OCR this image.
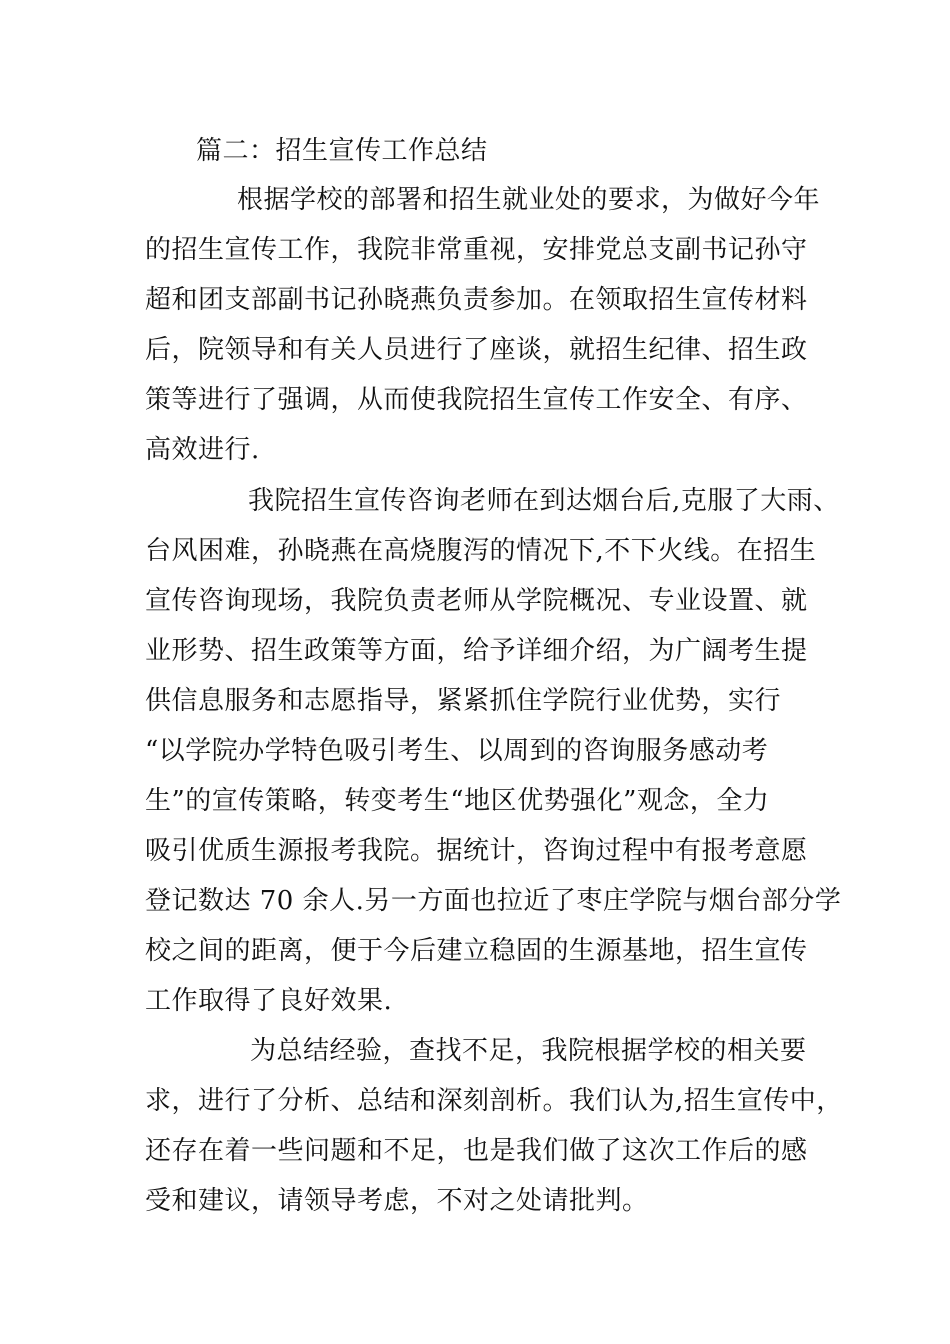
篇二：招生宣传工作总结
根据学校的部署和招生就业处的要求，为做好今年
的招生宣传工作，我院非常重视，安排党总支副书记孙守
超和团支部副书记孙晓燕负责参加。在领取招生宣传材料
后，院领导和有关人员进行了座谈，就招生纪律、招生政
策等进行了强调，从而使我院招生宣传工作安全、有序、
高效进行.
我院招生宣传咨询老师在到达烟台后,克服了大雨、
台风困难，孙晓燕在高烧腹泻的情况下,不下火线。在招生
宣传咨询现场，我院负责老师从学院概况、专业设置、就
业形势、招生政策等方面，给予详细介绍，为广阔考生提
供信息服务和志愿指导，紧紧抓住学院行业优势，实行
“以学院办学特色吸引考生、以周到的咨询服务感动考
生”的宣传策略，转变考生“地区优势强化”观念，全力
吸引优质生源报考我院。据统计，咨询过程中有报考意愿
登记数达 70 余人.另一方面也拉近了枣庄学院与烟台部分学
校之间的距离，便于今后建立稳固的生源基地，招生宣传
工作取得了良好效果.
为总结经验，查找不足，我院根据学校的相关要
求，进行了分析、总结和深刻剖析。我们认为,招生宣传中，
还存在着一些问题和不足，也是我们做了这次工作后的感
受和建议，请领导考虑，不对之处请批判。
